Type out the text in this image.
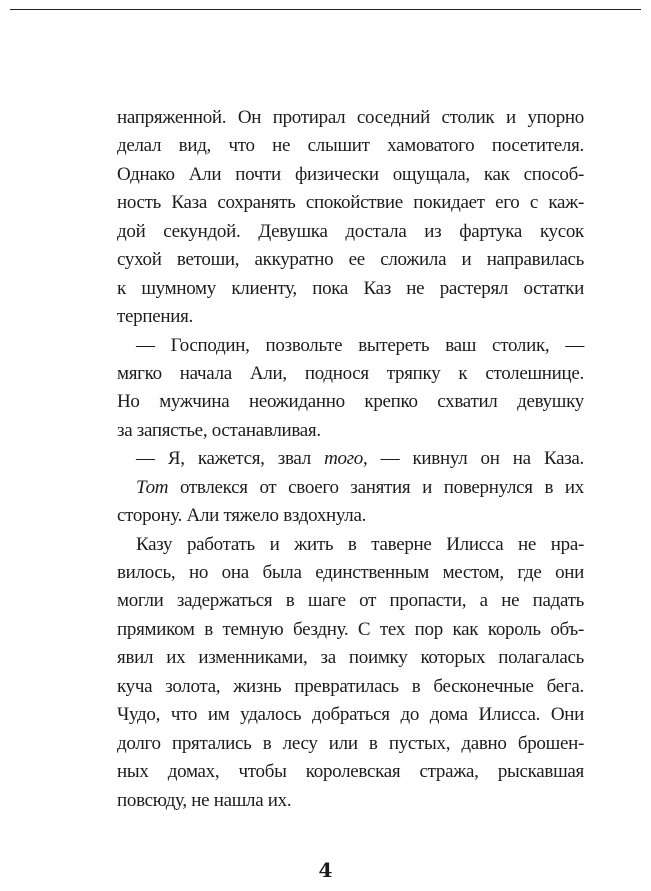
напряженной. Он протирал соседний столик и упорно
делал вид, что не слышит хамоватого посетителя.
Однако Али почти физически ощущала, как способ-
ность Каза сохранять спокойствие покидает его с каж-
дой секундой. Девушка достала из фартука кусок
сухой ветоши, аккуратно ее сложила и направилась
к шумному клиенту, пока Каз не растерял остатки
терпения.
— Господин, позвольте вытереть ваш столик, —
мягко начала Али, поднося тряпку к столешнице.
Но мужчина неожиданно крепко схватил девушку
за запястье, останавливая.
— Я, кажется, звал того, — кивнул он на Каза.
Тот отвлекся от своего занятия и повернулся в их
сторону. Али тяжело вздохнула.
Казу работать и жить в таверне Илисса не нра-
вилось, но она была единственным местом, где они
могли задержаться в шаге от пропасти, а не падать
прямиком в темную бездну. С тех пор как король объ-
явил их изменниками, за поимку которых полагалась
куча золота, жизнь превратилась в бесконечные бега.
Чудо, что им удалось добраться до дома Илисса. Они
долго прятались в лесу или в пустых, давно брошен-
ных домах, чтобы королевская стража, рыскавшая
повсюду, не нашла их.
4
